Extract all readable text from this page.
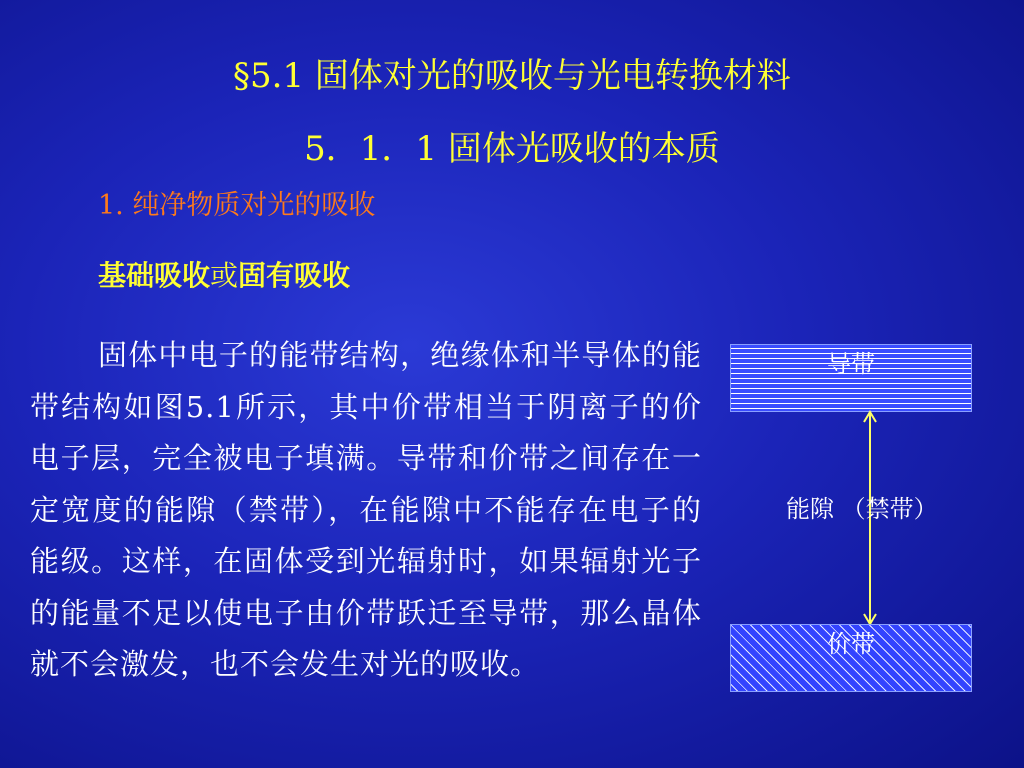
§5.1 固体对光的吸收与光电转换材料
5．1．1 固体光吸收的本质
1. 纯净物质对光的吸收
基础吸收或固有吸收
固体中电子的能带结构，绝缘体和半导体的能带结构如图5.1所示，其中价带相当于阴离子的价电子层，完全被电子填满。导带和价带之间存在一定宽度的能隙（禁带），在能隙中不能存在电子的能级。这样，在固体受到光辐射时，如果辐射光子的能量不足以使电子由价带跃迁至导带，那么晶体就不会激发，也不会发生对光的吸收。
导带
能隙 （禁带）
价带
